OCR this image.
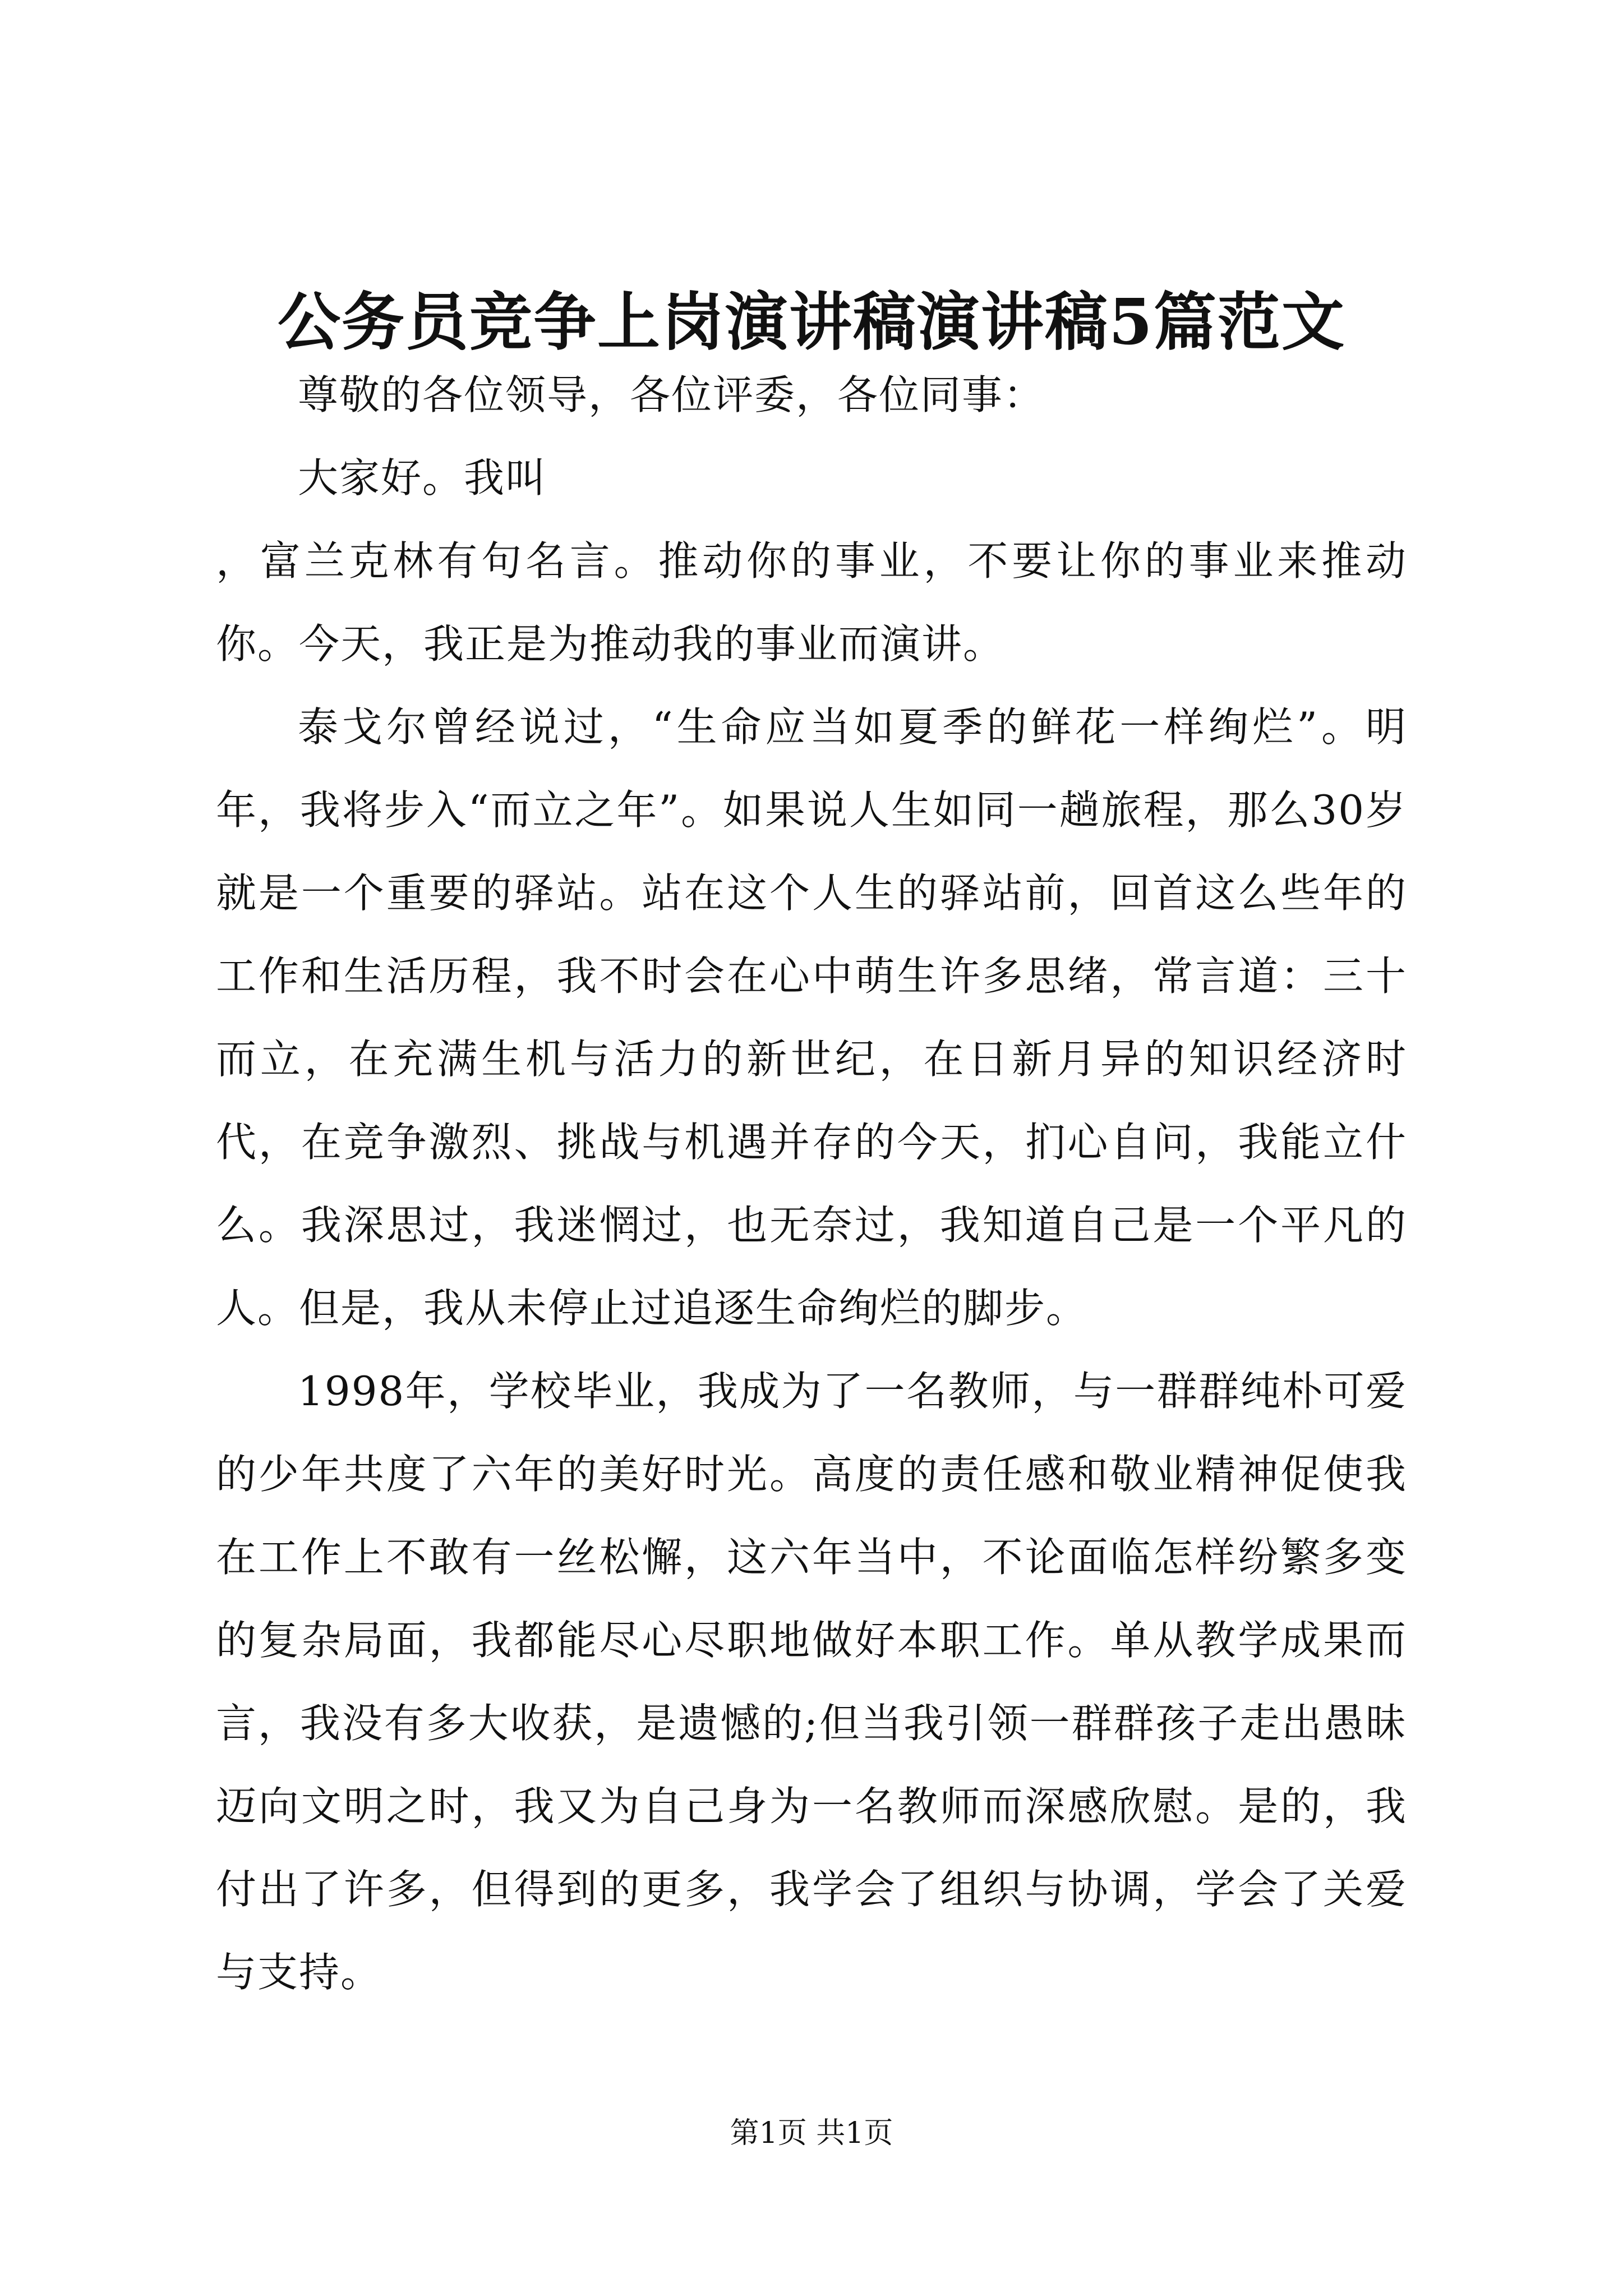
公务员竞争上岗演讲稿演讲稿5篇范文

尊敬的各位领导，各位评委，各位同事：

大家好。我叫

，富兰克林有句名言。推动你的事业，不要让你的事业来推动你。今天，我正是为推动我的事业而演讲。

泰戈尔曾经说过，“生命应当如夏季的鲜花一样绚烂”。明年，我将步入“而立之年”。如果说人生如同一趟旅程，那么30岁就是一个重要的驿站。站在这个人生的驿站前，回首这么些年的工作和生活历程，我不时会在心中萌生许多思绪，常言道：三十而立，在充满生机与活力的新世纪，在日新月异的知识经济时代，在竞争激烈、挑战与机遇并存的今天，扪心自问，我能立什么。我深思过，我迷惘过，也无奈过，我知道自己是一个平凡的人。但是，我从未停止过追逐生命绚烂的脚步。

1998年，学校毕业，我成为了一名教师，与一群群纯朴可爱的少年共度了六年的美好时光。高度的责任感和敬业精神促使我在工作上不敢有一丝松懈，这六年当中，不论面临怎样纷繁多变的复杂局面，我都能尽心尽职地做好本职工作。单从教学成果而言，我没有多大收获，是遗憾的;但当我引领一群群孩子走出愚昧迈向文明之时，我又为自己身为一名教师而深感欣慰。是的，我付出了许多，但得到的更多，我学会了组织与协调，学会了关爱与支持。

第1页 共1页
